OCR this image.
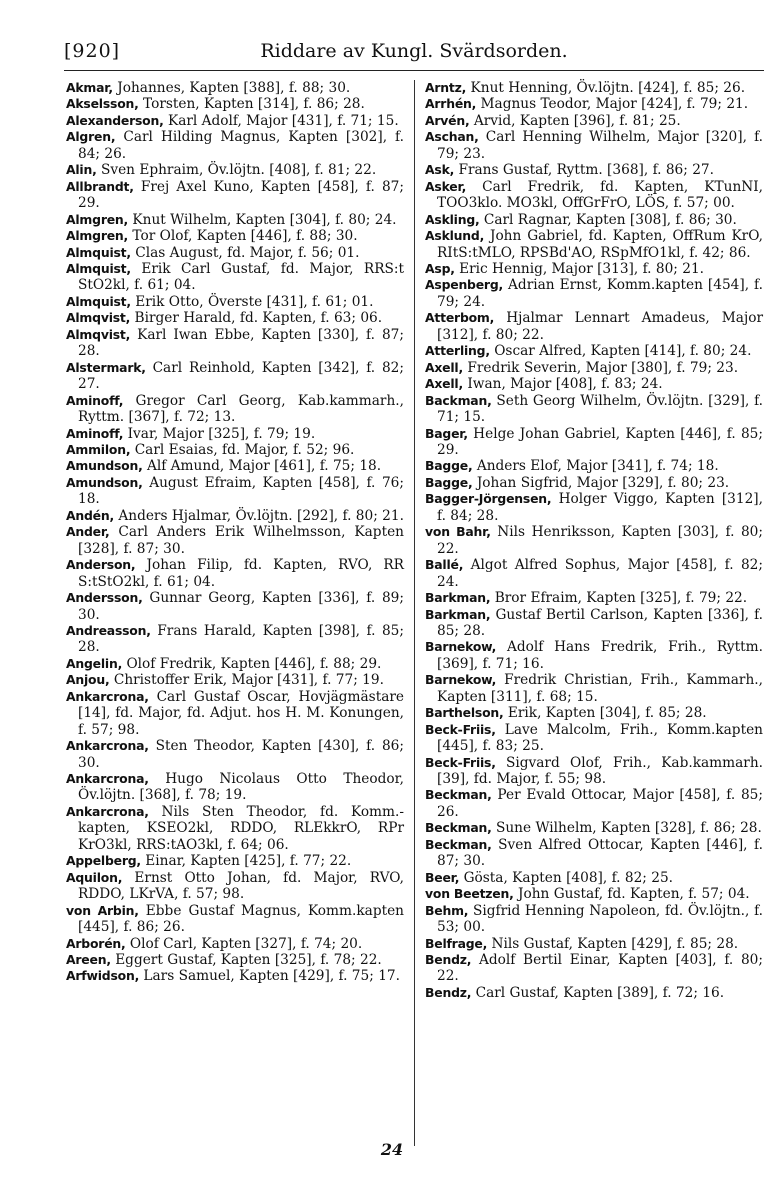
[920]	Riddare av Kungl. Svärdsorden.

Akmar, Johannes, Kapten [388], f. 88; 30.

Akselsson, Torsten, Kapten [314], f. 86; 28.

Alexanderson, Karl Adolf, Major [431], f. 71; 15.

Algren, Carl Hilding Magnus, Kapten [302], f. 84; 26.

Alin, Sven Ephraim, Öv.löjtn. [408], f. 81; 22.

Allbrandt, Frej Axel Kuno, Kapten [458], f. 87; 29.

Almgren, Knut Wilhelm, Kapten [304], f. 80; 24.

Almgren, Tor Olof, Kapten [446], f. 88; 30.

Almquist, Clas August, fd. Major, f. 56; 01.

Almquist, Erik Carl Gustaf, fd. Major, RRS:t StO2kl, f. 61; 04.

Almquist, Erik Otto, Överste [431], f. 61; 01.

Almqvist, Birger Harald, fd. Kapten, f. 63; 06.

Almqvist, Karl Iwan Ebbe, Kapten [330], f. 87; 28.

Alstermark, Carl Reinhold, Kapten [342], f. 82; 27.

Aminoff, Gregor Carl Georg, Kab.kammarh., Ryttm. [367], f. 72; 13.

Aminoff, Ivar, Major [325], f. 79; 19.

Ammilon, Carl Esaias, fd. Major, f. 52; 96.

Amundson, Alf Amund, Major [461], f. 75; 18.

Amundson, August Efraim, Kapten [458], f. 76; 18.

Andén, Anders Hjalmar, Öv.löjtn. [292], f. 80; 21.

Ander, Carl Anders Erik Wilhelmsson, Kapten [328], f. 87; 30.

Anderson, Johan Filip, fd. Kapten, RVO, RR S:tStO2kl, f. 61; 04.

Andersson, Gunnar Georg, Kapten [336], f. 89; 30.

Andreasson, Frans Harald, Kapten [398], f. 85; 28.

Angelin, Olof Fredrik, Kapten [446], f. 88; 29.

Anjou, Christoffer Erik, Major [431], f. 77; 19.

Ankarcrona, Carl Gustaf Oscar, Hovjägmästare [14], fd. Major, fd. Adjut. hos H. M. Konungen, f. 57; 98.

Ankarcrona, Sten Theodor, Kapten [430], f. 86; 30.

Ankarcrona, Hugo Nicolaus Otto Theodor, Öv.löjtn. [368], f. 78; 19.

Ankarcrona, Nils Sten Theodor, fd. Komm.-kapten, KSEO2kl, RDDO, RLEkkrO, RPr KrO3kl, RRS:tAO3kl, f. 64; 06.

Appelberg, Einar, Kapten [425], f. 77; 22.

Aquilon, Ernst Otto Johan, fd. Major, RVO, RDDO, LKrVA, f. 57; 98.

von Arbin, Ebbe Gustaf Magnus, Komm.kapten [445], f. 86; 26.

Arborén, Olof Carl, Kapten [327], f. 74; 20.

Areen, Eggert Gustaf, Kapten [325], f. 78; 22.

Arfwidson, Lars Samuel, Kapten [429], f. 75; 17.

Arntz, Knut Henning, Öv.löjtn. [424], f. 85; 26.

Arrhén, Magnus Teodor, Major [424], f. 79; 21.

Arvén, Arvid, Kapten [396], f. 81; 25.

Aschan, Carl Henning Wilhelm, Major [320], f. 79; 23.

Ask, Frans Gustaf, Ryttm. [368], f. 86; 27.

Asker, Carl Fredrik, fd. Kapten, KTunNI, TOO3klo. MO3kl, OffGrFrO, LÖS, f. 57; 00.

Askling, Carl Ragnar, Kapten [308], f. 86; 30.

Asklund, John Gabriel, fd. Kapten, OffRum KrO, RItS:tMLO, RPSBd'AO, RSpMfO1kl, f. 42; 86.

Asp, Eric Hennig, Major [313], f. 80; 21.

Aspenberg, Adrian Ernst, Komm.kapten [454], f. 79; 24.

Atterbom, Hjalmar Lennart Amadeus, Major [312], f. 80; 22.

Atterling, Oscar Alfred, Kapten [414], f. 80; 24.

Axell, Fredrik Severin, Major [380], f. 79; 23.

Axell, Iwan, Major [408], f. 83; 24.

Backman, Seth Georg Wilhelm, Öv.löjtn. [329], f. 71; 15.

Bager, Helge Johan Gabriel, Kapten [446], f. 85; 29.

Bagge, Anders Elof, Major [341], f. 74; 18.

Bagge, Johan Sigfrid, Major [329], f. 80; 23.

Bagger-Jörgensen, Holger Viggo, Kapten [312], f. 84; 28.

von Bahr, Nils Henriksson, Kapten [303], f. 80; 22.

Ballé, Algot Alfred Sophus, Major [458], f. 82; 24.

Barkman, Bror Efraim, Kapten [325], f. 79; 22.

Barkman, Gustaf Bertil Carlson, Kapten [336], f. 85; 28.

Barnekow, Adolf Hans Fredrik, Frih., Ryttm. [369], f. 71; 16.

Barnekow, Fredrik Christian, Frih., Kammarh., Kapten [311], f. 68; 15.

Barthelson, Erik, Kapten [304], f. 85; 28.

Beck-Friis, Lave Malcolm, Frih., Komm.kapten [445], f. 83; 25.

Beck-Friis, Sigvard Olof, Frih., Kab.kammarh. [39], fd. Major, f. 55; 98.

Beckman, Per Evald Ottocar, Major [458], f. 85; 26.

Beckman, Sune Wilhelm, Kapten [328], f. 86; 28.

Beckman, Sven Alfred Ottocar, Kapten [446], f. 87; 30.

Beer, Gösta, Kapten [408], f. 82; 25.

von Beetzen, John Gustaf, fd. Kapten, f. 57; 04.

Behm, Sigfrid Henning Napoleon, fd. Öv.löjtn., f. 53; 00.

Belfrage, Nils Gustaf, Kapten [429], f. 85; 28.

Bendz, Adolf Bertil Einar, Kapten [403], f. 80; 22.

Bendz, Carl Gustaf, Kapten [389], f. 72; 16.

24
